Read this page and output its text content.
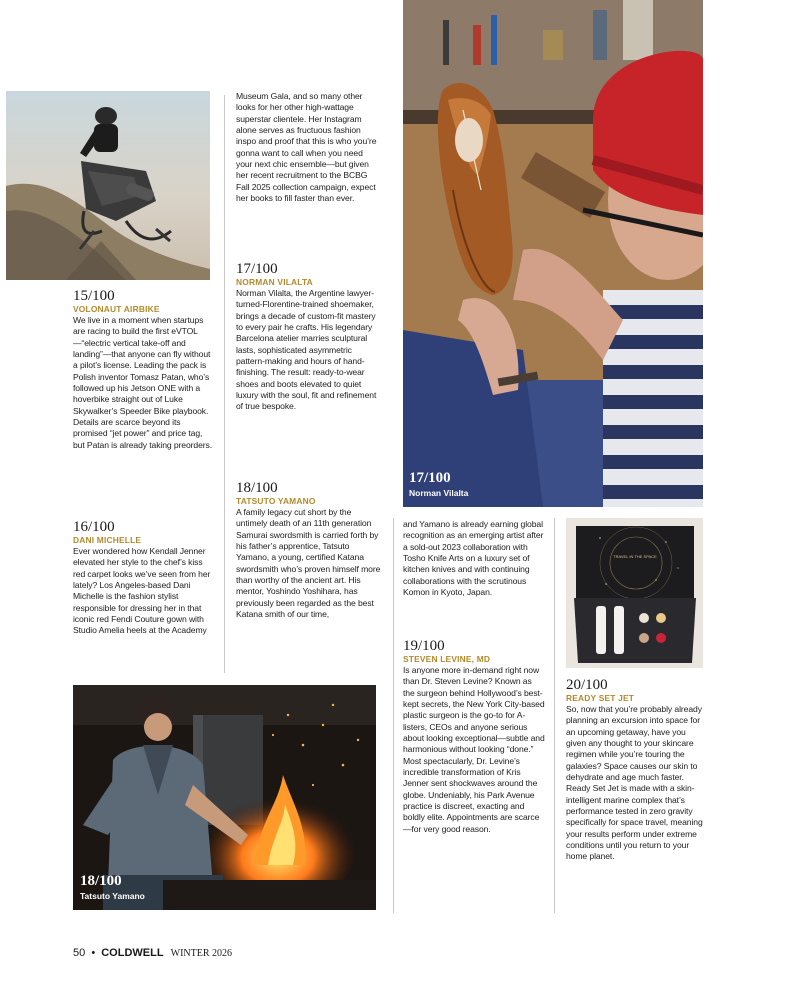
17/100
Norman Vilalta
18/100
Tatsuto Yamano
TRAVEL IN THE SPACE
15/100
VOLONAUT AIRBIKE
We live in a moment when startups are racing to build the first eVTOL—“electric vertical take-off and landing”—that anyone can fly without a pilot’s license. Leading the pack is Polish inventor Tomasz Patan, who’s followed up his Jetson ONE with a hoverbike straight out of Luke Skywalker’s Speeder Bike playbook. Details are scarce beyond its promised “jet power” and price tag, but Patan is already taking preorders.
16/100
DANI MICHELLE
Ever wondered how Kendall Jenner elevated her style to the chef’s kiss red carpet looks we’ve seen from her lately? Los Angeles-based Dani Michelle is the fashion stylist responsible for dressing her in that iconic red Fendi Couture gown with Studio Amelia heels at the Academy
Museum Gala, and so many other looks for her other high-wattage superstar clientele. Her Instagram alone serves as fructuous fashion inspo and proof that this is who you’re gonna want to call when you need your next chic ensemble—but given her recent recruitment to the BCBG Fall 2025 collection campaign, expect her books to fill faster than ever.
17/100
NORMAN VILALTA
Norman Vilalta, the Argentine lawyer-turned-Florentine-trained shoemaker, brings a decade of custom-fit mastery to every pair he crafts. His legendary Barcelona atelier marries sculptural lasts, sophisticated asymmetric pattern-making and hours of hand-finishing. The result: ready-to-wear shoes and boots elevated to quiet luxury with the soul, fit and refinement of true bespoke.
18/100
TATSUTO YAMANO
A family legacy cut short by the untimely death of an 11th generation Samurai swordsmith is carried forth by his father’s apprentice, Tatsuto Yamano, a young, certified Katana swordsmith who’s proven himself more than worthy of the ancient art. His mentor, Yoshindo Yoshihara, has previously been regarded as the best Katana smith of our time,
and Yamano is already earning global recognition as an emerging artist after a sold-out 2023 collaboration with Tosho Knife Arts on a luxury set of kitchen knives and with continuing collaborations with the scrutinous Komon in Kyoto, Japan.
19/100
STEVEN LEVINE, MD
Is anyone more in-demand right now than Dr. Steven Levine? Known as the surgeon behind Hollywood’s best-kept secrets, the New York City-based plastic surgeon is the go-to for A-listers, CEOs and anyone serious about looking exceptional—subtle and harmonious without looking “done.” Most spectacularly, Dr. Levine’s incredible transformation of Kris Jenner sent shockwaves around the globe. Undeniably, his Park Avenue practice is discreet, exacting and boldly elite. Appointments are scarce—for very good reason.
20/100
READY SET JET
So, now that you’re probably already planning an excursion into space for an upcoming getaway, have you given any thought to your skincare regimen while you’re touring the galaxies? Space causes our skin to dehydrate and age much faster. Ready Set Jet is made with a skin-intelligent marine complex that’s performance tested in zero gravity specifically for space travel, meaning your results perform under extreme conditions until you return to your home planet.
50 • COLDWELL WINTER 2026
